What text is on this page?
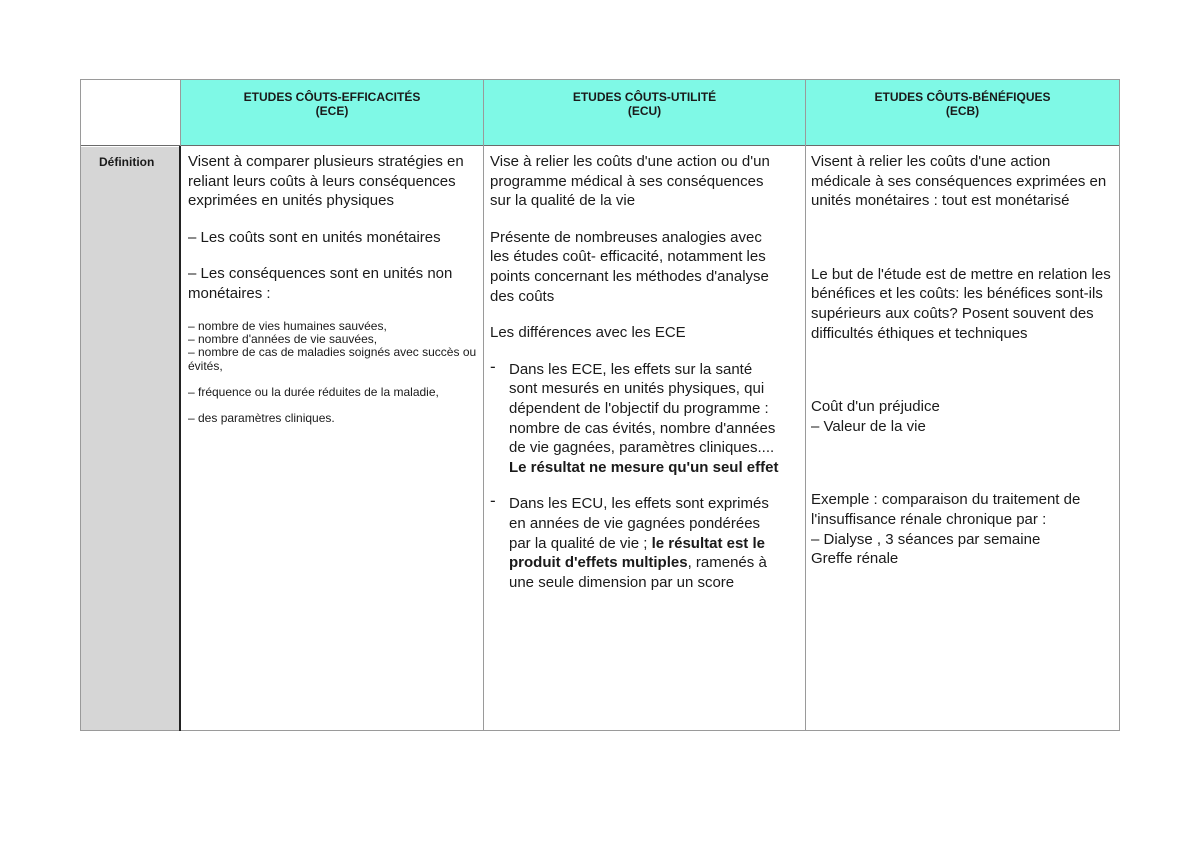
ETUDES CÔUTS-EFFICACITÉS
(ECE)
ETUDES CÔUTS-UTILITÉ
(ECU)
ETUDES CÔUTS-BÉNÉFIQUES
(ECB)
Définition Visent à comparer plusieurs stratégies en reliant leurs coûts à leurs conséquences exprimées en unités physiques

– Les coûts sont en unités monétaires

– Les conséquences sont en unités non monétaires :

– nombre de vies humaines sauvées,

– nombre d'années de vie sauvées,

– nombre de cas de maladies soignés avec succès ou évités,

– fréquence ou la durée réduites de la maladie,

– des paramètres cliniques.

Vise à relier les coûts d'une action ou d'un programme médical à ses conséquences sur la qualité de la vie

Présente de nombreuses analogies avec les études coût- efficacité, notamment les points concernant les méthodes d'analyse des coûts

Les différences avec les ECE

- Dans les ECE, les effets sur la santé sont mesurés en unités physiques, qui dépendent de l'objectif du programme : nombre de cas évités, nombre d'années de vie gagnées, paramètres cliniques.... Le résultat ne mesure qu'un seul effet
- Dans les ECU, les effets sont exprimés en années de vie gagnées pondérées par la qualité de vie ; le résultat est le produit d'effets multiples, ramenés à une seule dimension par un score

Visent à relier les coûts d'une action médicale à ses conséquences exprimées en unités monétaires : tout est monétarisé

Le but de l'étude est de mettre en relation les bénéfices et les coûts: les bénéfices sont-ils supérieurs aux coûts? Posent souvent des difficultés éthiques et techniques

Coût d'un préjudice

– Valeur de la vie

Exemple : comparaison du traitement de l'insuffisance rénale chronique par :

– Dialyse , 3 séances par semaine

Greffe rénale
